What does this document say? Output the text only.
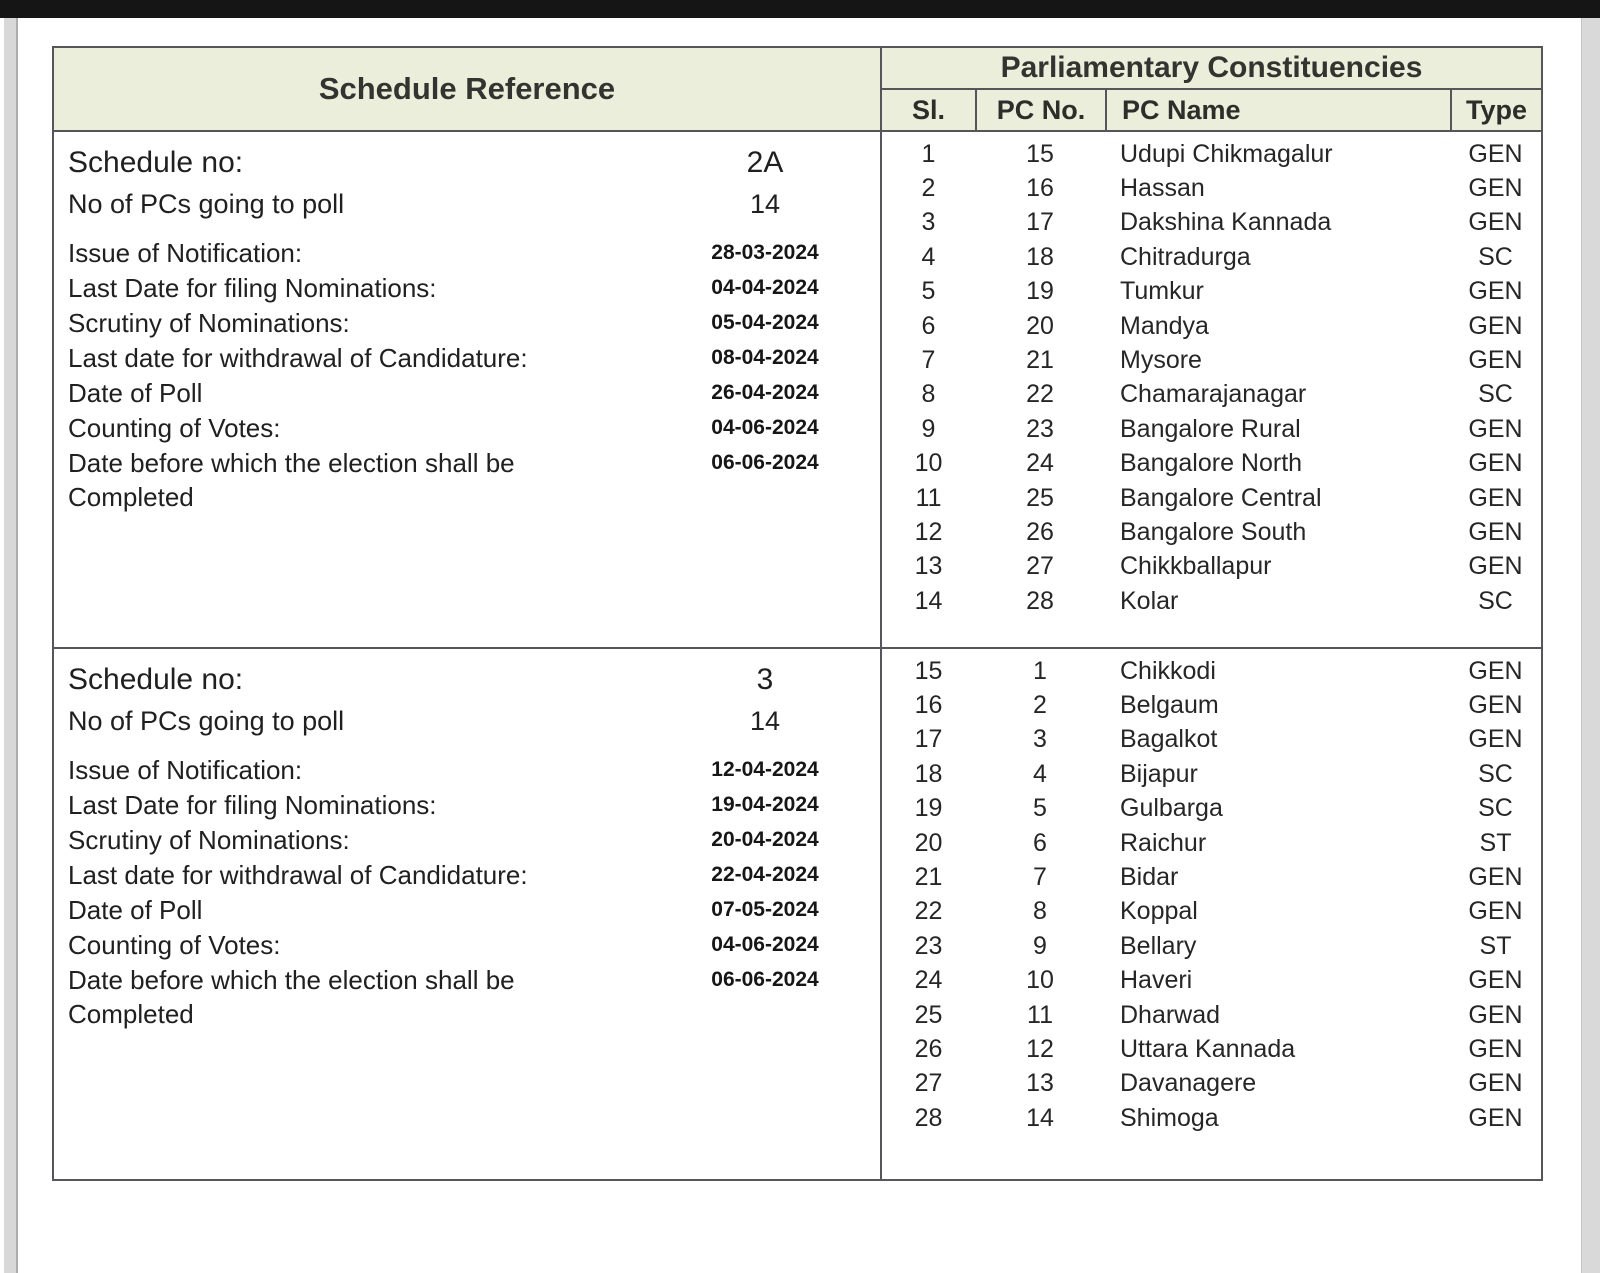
Schedule Reference
Parliamentary Constituencies
Sl.	PC No.	PC Name	Type
Schedule no:	2A
No of PCs going to poll	14
Issue of Notification:	28-03-2024
Last Date for filing Nominations:	04-04-2024
Scrutiny of Nominations:	05-04-2024
Last date for withdrawal of Candidature:	08-04-2024
Date of Poll	26-04-2024
Counting of Votes:	04-06-2024
Date before which the election shall be Completed
06-06-2024
1	15	Udupi Chikmagalur	GEN
2	16	Hassan	GEN
3	17	Dakshina Kannada	GEN
4	18	Chitradurga	SC
5	19	Tumkur	GEN
6	20	Mandya	GEN
7	21	Mysore	GEN
8	22	Chamarajanagar	SC
9	23	Bangalore Rural	GEN
10	24	Bangalore North	GEN
11	25	Bangalore Central	GEN
12	26	Bangalore South	GEN
13	27	Chikkballapur	GEN
14	28	Kolar	SC
Schedule no:	3
No of PCs going to poll	14
Issue of Notification:	12-04-2024
Last Date for filing Nominations:	19-04-2024
Scrutiny of Nominations:	20-04-2024
Last date for withdrawal of Candidature:	22-04-2024
Date of Poll	07-05-2024
Counting of Votes:	04-06-2024
Date before which the election shall be Completed
06-06-2024
15	1	Chikkodi	GEN
16	2	Belgaum	GEN
17	3	Bagalkot	GEN
18	4	Bijapur	SC
19	5	Gulbarga	SC
20	6	Raichur	ST
21	7	Bidar	GEN
22	8	Koppal	GEN
23	9	Bellary	ST
24	10	Haveri	GEN
25	11	Dharwad	GEN
26	12	Uttara Kannada	GEN
27	13	Davanagere	GEN
28	14	Shimoga	GEN
